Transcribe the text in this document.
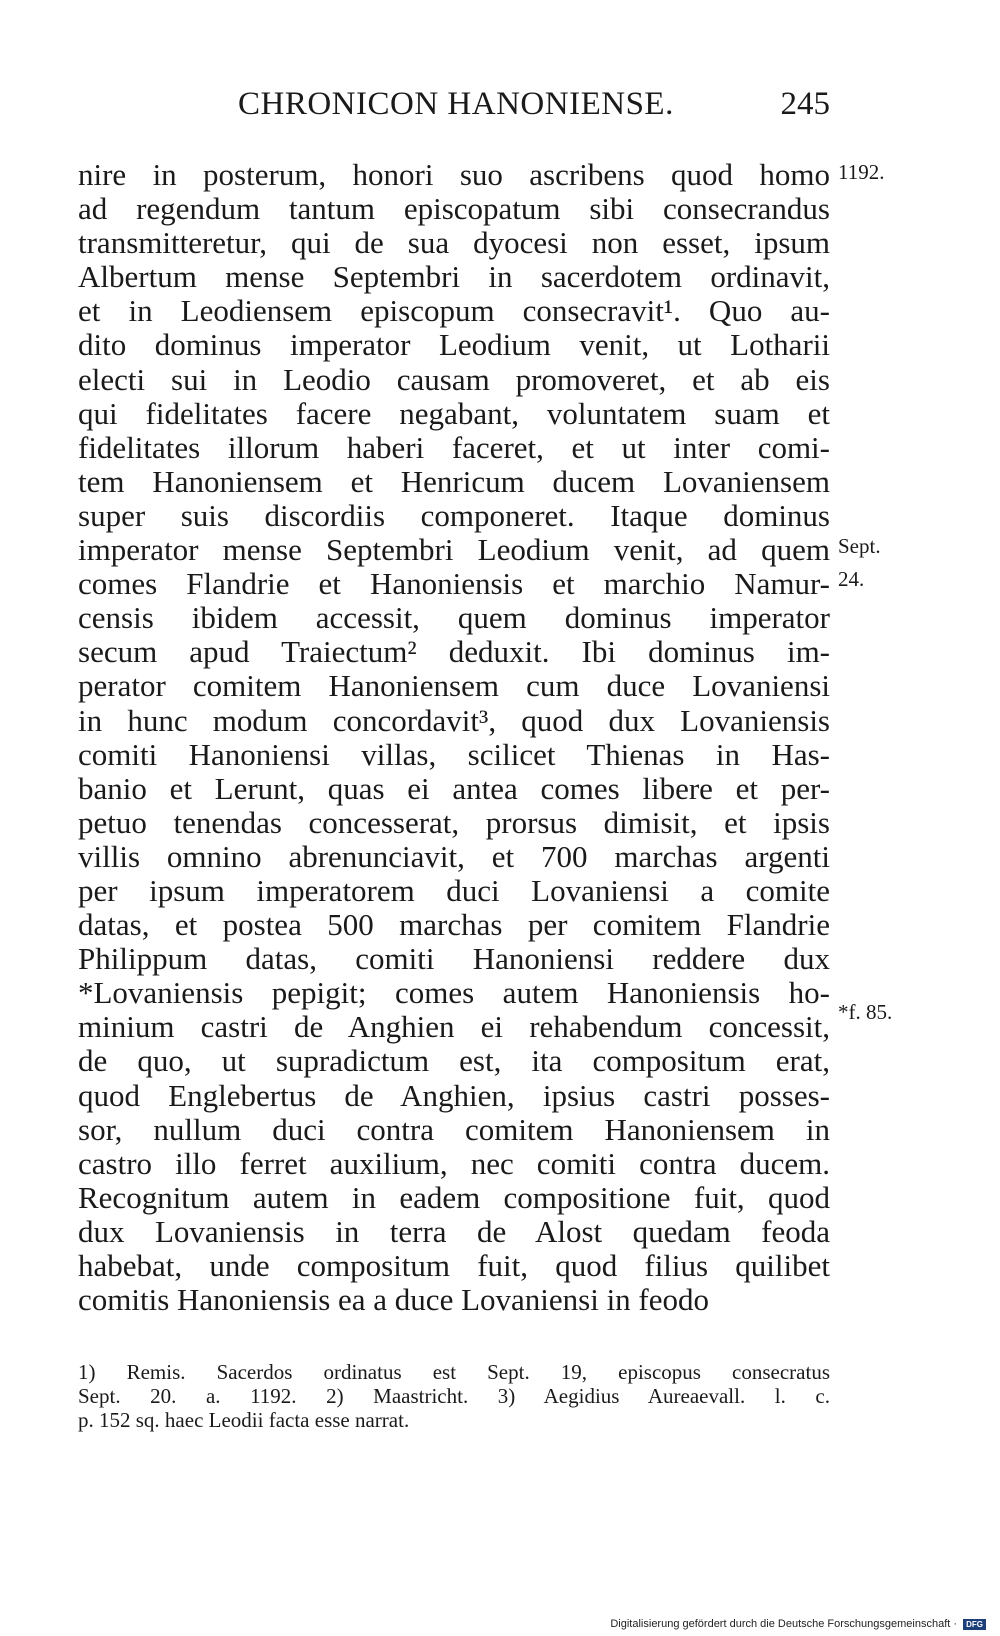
CHRONICON HANONIENSE.	245
nire in posterum, honori suo ascribens quod homo
ad regendum tantum episcopatum sibi consecrandus
transmitteretur, qui de sua dyocesi non esset, ipsum
Albertum mense Septembri in sacerdotem ordinavit,
et in Leodiensem episcopum consecravit¹. Quo au-
dito dominus imperator Leodium venit, ut Lotharii
electi sui in Leodio causam promoveret, et ab eis
qui fidelitates facere negabant, voluntatem suam et
fidelitates illorum haberi faceret, et ut inter comi-
tem Hanoniensem et Henricum ducem Lovaniensem
super suis discordiis componeret. Itaque dominus
imperator mense Septembri Leodium venit, ad quem
comes Flandrie et Hanoniensis et marchio Namur-
censis ibidem accessit, quem dominus imperator
secum apud Traiectum² deduxit. Ibi dominus im-
perator comitem Hanoniensem cum duce Lovaniensi
in hunc modum concordavit³, quod dux Lovaniensis
comiti Hanoniensi villas, scilicet Thienas in Has-
banio et Lerunt, quas ei antea comes libere et per-
petuo tenendas concesserat, prorsus dimisit, et ipsis
villis omnino abrenunciavit, et 700 marchas argenti
per ipsum imperatorem duci Lovaniensi a comite
datas, et postea 500 marchas per comitem Flandrie
Philippum datas, comiti Hanoniensi reddere dux
*Lovaniensis pepigit; comes autem Hanoniensis ho-
minium castri de Anghien ei rehabendum concessit,
de quo, ut supradictum est, ita compositum erat,
quod Englebertus de Anghien, ipsius castri posses-
sor, nullum duci contra comitem Hanoniensem in
castro illo ferret auxilium, nec comiti contra ducem.
Recognitum autem in eadem compositione fuit, quod
dux Lovaniensis in terra de Alost quedam feoda
habebat, unde compositum fuit, quod filius quilibet
comitis Hanoniensis ea a duce Lovaniensi in feodo
1192.
Sept.
24.
*f. 85.
1) Remis. Sacerdos ordinatus est Sept. 19, episcopus consecratus
Sept. 20. a. 1192. 2) Maastricht. 3) Aegidius Aureaevall. l. c.
p. 152 sq. haec Leodii facta esse narrat.
Digitalisierung gefördert durch die Deutsche Forschungsgemeinschaft · DFG
